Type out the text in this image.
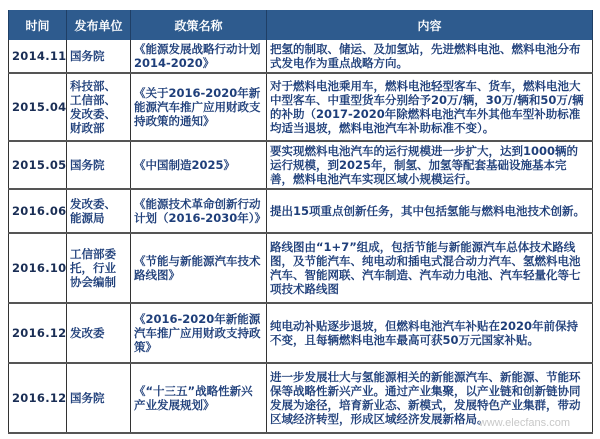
时间	发布单位	政策名称	内容
2014.11	国务院	《能源发展战略行动计划2014-2020》	把氢的制取、储运、及加氢站，先进燃料电池、燃料电池分布式发电作为重点战略方向。
2015.04	科技部、工信部、发改委、财政部	《关于2016-2020年新能源汽车推广应用财政支持政策的通知》	对于燃料电池乘用车，燃料电池轻型客车、货车，燃料电池大中型客车、中重型货车分别给予20万/辆，30万/辆和50万/辆的补助（2017-2020年除燃料电池汽车外其他车型补助标准均适当退坡，燃料电池汽车补助标准不变）。
2015.05	国务院	《中国制造2025》	要实现燃料电池汽车的运行规模进一步扩大，达到1000辆的运行规模，到2025年，制氢、加氢等配套基础设施基本完善，燃料电池汽车实现区域小规模运行。
2016.06	发改委、能源局	《能源技术革命创新行动计划（2016-2030年）》	提出15项重点创新任务，其中包括氢能与燃料电池技术创新。
2016.10	工信部委托，行业协会编制	《节能与新能源汽车技术路线图》	路线图由“1+7”组成，包括节能与新能源汽车总体技术路线图，及节能汽车、纯电动和插电式混合动力汽车、氢燃料电池汽车、智能网联、汽车制造、汽车动力电池、汽车轻量化等七项技术路线图
2016.12	发改委	《2016-2020年新能源汽车推广应用财政支持政策》	纯电动补贴逐步退坡，但燃料电池汽车补贴在2020年前保持不变，且每辆燃料电池车最高可获50万元国家补贴。
2016.12	国务院	《“十三五”战略性新兴产业发展规划》	进一步发展壮大与氢能源相关的新能源汽车、新能源、节能环保等战略性新兴产业。通过产业集聚，以产业链和创新链协同发展为途径，培育新业态、新模式，发展特色产业集群，带动区域经济转型，形成区域经济发展新格局。
www.elecfans.com
